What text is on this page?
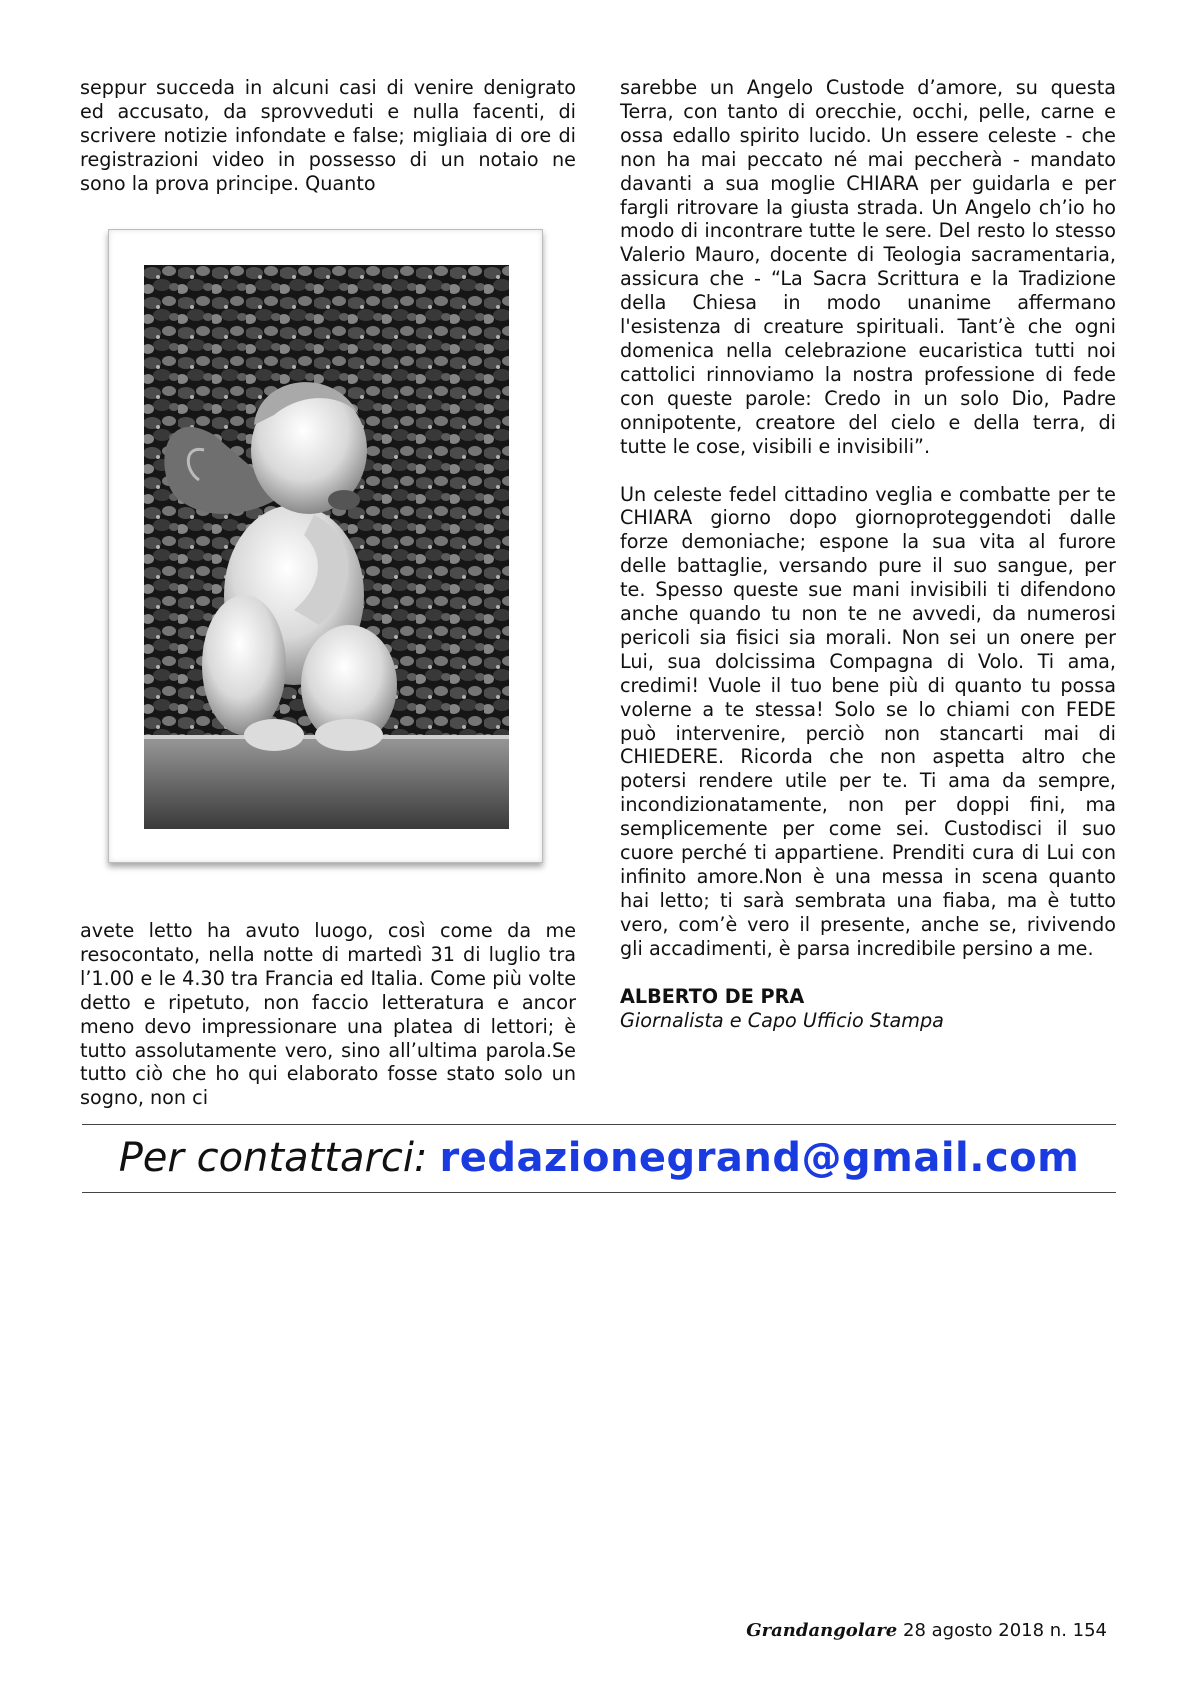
seppur succeda in alcuni casi di venire denigrato ed accusato, da sprovveduti e nulla facenti, di scrivere notizie infondate e false; migliaia di ore di registrazioni video in possesso di un notaio ne sono la prova principe. Quanto

avete letto ha avuto luogo, così come da me resocontato, nella notte di martedì 31 di luglio tra l’1.00 e le 4.30 tra Francia ed Italia. Come più volte detto e ripetuto, non faccio letteratura e ancor meno devo impressionare una platea di lettori; è tutto assolutamente vero, sino all’ultima parola.Se tutto ciò che ho qui elaborato fosse stato solo un sogno, non ci

sarebbe un Angelo Custode d’amore, su questa Terra, con tanto di orecchie, occhi, pelle, carne e ossa edallo spirito lucido. Un essere celeste - che non ha mai peccato né mai peccherà - mandato davanti a sua moglie CHIARA per guidarla e per fargli ritrovare la giusta strada. Un Angelo ch’io ho modo di incontrare tutte le sere. Del resto lo stesso Valerio Mauro, docente di Teologia sacramentaria, assicura che - “La Sacra Scrittura e la Tradizione della Chiesa in modo unanime affermano l'esistenza di creature spirituali. Tant’è che ogni domenica nella celebrazione eucaristica tutti noi cattolici rinnoviamo la nostra professione di fede con queste parole: Credo in un solo Dio, Padre onnipotente, creatore del cielo e della terra, di tutte le cose, visibili e invisibili”.

Un celeste fedel cittadino veglia e combatte per te CHIARA giorno dopo giornoproteggendoti dalle forze demoniache; espone la sua vita al furore delle battaglie, versando pure il suo sangue, per te. Spesso queste sue mani invisibili ti difendono anche quando tu non te ne avvedi, da numerosi pericoli sia fisici sia morali. Non sei un onere per Lui, sua dolcissima Compagna di Volo. Ti ama, credimi! Vuole il tuo bene più di quanto tu possa volerne a te stessa! Solo se lo chiami con FEDE può intervenire, perciò non stancarti mai di CHIEDERE. Ricorda che non aspetta altro che potersi rendere utile per te. Ti ama da sempre, incondizionatamente, non per doppi fini, ma semplicemente per come sei. Custodisci il suo cuore perché ti appartiene. Prenditi cura di Lui con infinito amore.Non è una messa in scena quanto hai letto; ti sarà sembrata una fiaba, ma è tutto vero, com’è vero il presente, anche se, rivivendo gli accadimenti, è parsa incredibile persino a me.

ALBERTO DE PRA

Giornalista e Capo Ufficio Stampa

Per contattarci: redazionegrand@gmail.com
Grandangolare 28 agosto 2018 n. 154
